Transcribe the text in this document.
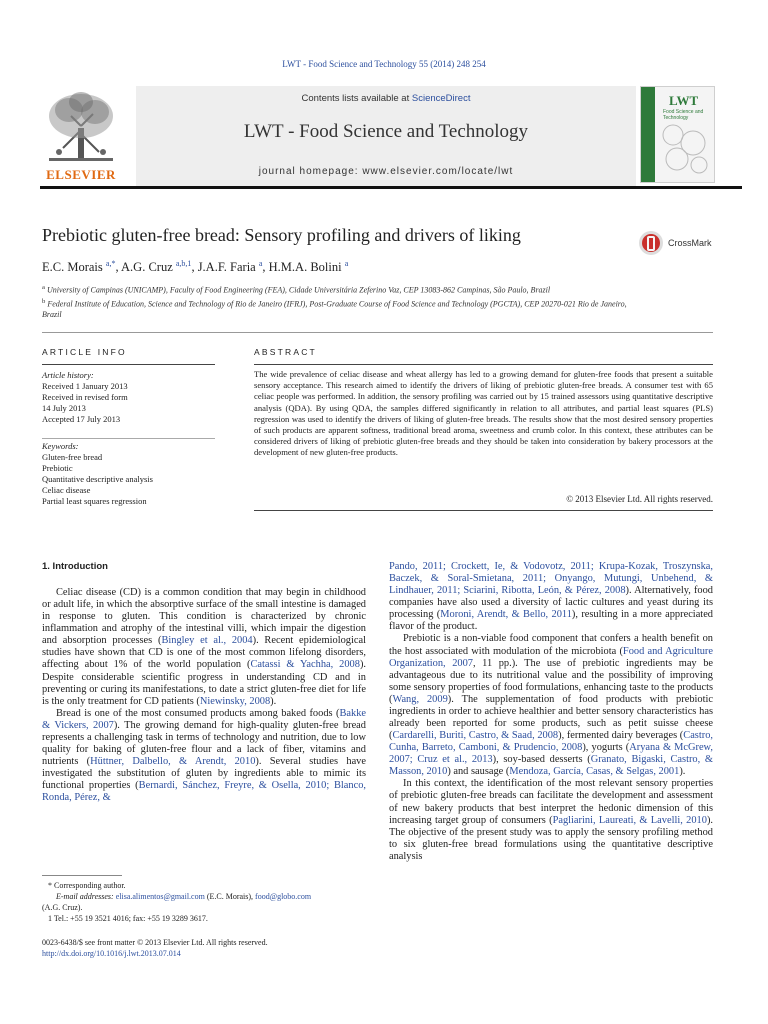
LWT - Food Science and Technology 55 (2014) 248 254
ELSEVIER
Contents lists available at ScienceDirect
LWT - Food Science and Technology
journal homepage: www.elsevier.com/locate/lwt
LWT
Food Science and Technology
Prebiotic gluten-free bread: Sensory profiling and drivers of liking	CrossMark
E.C. Morais $^{a,*}$, A.G. Cruz $^{a,b,1}$, J.A.F. Faria $^a$, H.M.A. Bolini $^a$
$^a$ University of Campinas (UNICAMP), Faculty of Food Engineering (FEA), Cidade Universitária Zeferino Vaz, CEP 13083-862 Campinas, São Paulo, Brazil
$^b$ Federal Institute of Education, Science and Technology of Rio de Janeiro (IFRJ), Post-Graduate Course of Food Science and Technology (PGCTA), CEP 20270-021 Rio de Janeiro, Brazil
ARTICLE INFO	ABSTRACT
Article history:
Received 1 January 2013
Received in revised form
14 July 2013
Accepted 17 July 2013
Keywords:
Gluten-free bread
Prebiotic
Quantitative descriptive analysis
Celiac disease
Partial least squares regression
The wide prevalence of celiac disease and wheat allergy has led to a growing demand for gluten-free foods that present a suitable sensory acceptance. This research aimed to identify the drivers of liking of prebiotic gluten-free breads. A consumer test with 65 celiac people was performed. In addition, the sensory profiling was carried out by 15 trained assessors using quantitative descriptive analysis (QDA). By using QDA, the samples differed significantly in relation to all attributes, and partial least squares (PLS) regression was used to identify the drivers of liking of gluten-free breads. The results show that the most desired sensory properties of such products are apparent softness, traditional bread aroma, sweetness and crumb color. In this context, these attributes can be considered drivers of liking of prebiotic gluten-free breads and they should be taken into consideration by bakery processors at the development of new gluten-free products.
© 2013 Elsevier Ltd. All rights reserved.
1. Introduction

Celiac disease (CD) is a common condition that may begin in childhood or adult life, in which the absorptive surface of the small intestine is damaged in response to gluten. This condition is characterized by chronic inflammation and atrophy of the intestinal villi, which impair the digestion and absorption processes (Bingley et al., 2004). Recent epidemiological studies have shown that CD is one of the most common lifelong disorders, affecting about 1% of the world population (Catassi & Yachha, 2008). Despite considerable scientific progress in understanding CD and in preventing or curing its manifestations, to date a strict gluten-free diet for life is the only treatment for CD patients (Niewinsky, 2008).

Bread is one of the most consumed products among baked foods (Bakke & Vickers, 2007). The growing demand for high-quality gluten-free bread represents a challenging task in terms of technology and nutrition, due to low quality for baking of gluten-free flour and a lack of fiber, vitamins and nutrients (Hüttner, Dalbello, & Arendt, 2010). Several studies have investigated the substitution of gluten by ingredients able to mimic its functional properties (Bernardi, Sánchez, Freyre, & Osella, 2010; Blanco, Ronda, Pérez, &

Pando, 2011; Crockett, Ie, & Vodovotz, 2011; Krupa-Kozak, Troszynska, Baczek, & Soral-Smietana, 2011; Onyango, Mutungi, Unbehend, & Lindhauer, 2011; Sciarini, Ribotta, León, & Pérez, 2008). Alternatively, food companies have also used a diversity of lactic cultures and yeast during its processing (Moroni, Arendt, & Bello, 2011), resulting in a more appreciated flavor of the product.

Prebiotic is a non-viable food component that confers a health benefit on the host associated with modulation of the microbiota (Food and Agriculture Organization, 2007, 11 pp.). The use of prebiotic ingredients may be advantageous due to its nutritional value and the possibility of improving some sensory properties of food formulations, enhancing taste to the products (Wang, 2009). The supplementation of food products with prebiotic ingredients in order to achieve healthier and better sensory characteristics has already been reported for some products, such as petit suisse cheese (Cardarelli, Buriti, Castro, & Saad, 2008), fermented dairy beverages (Castro, Cunha, Barreto, Camboni, & Prudencio, 2008), yogurts (Aryana & McGrew, 2007; Cruz et al., 2013), soy-based desserts (Granato, Bigaski, Castro, & Masson, 2010) and sausage (Mendoza, García, Casas, & Selgas, 2001).

In this context, the identification of the most relevant sensory properties of prebiotic gluten-free breads can facilitate the development and assessment of new bakery products that best interpret the hedonic dimension of this increasing target group of consumers (Pagliarini, Laureati, & Lavelli, 2010). The objective of the present study was to apply the sensory profiling method to six gluten-free bread formulations using the quantitative descriptive analysis

* Corresponding author.
E-mail addresses: elisa.alimentos@gmail.com (E.C. Morais), food@globo.com
(A.G. Cruz).
1 Tel.: +55 19 3521 4016; fax: +55 19 3289 3617.
0023-6438/$ see front matter © 2013 Elsevier Ltd. All rights reserved.
http://dx.doi.org/10.1016/j.lwt.2013.07.014
